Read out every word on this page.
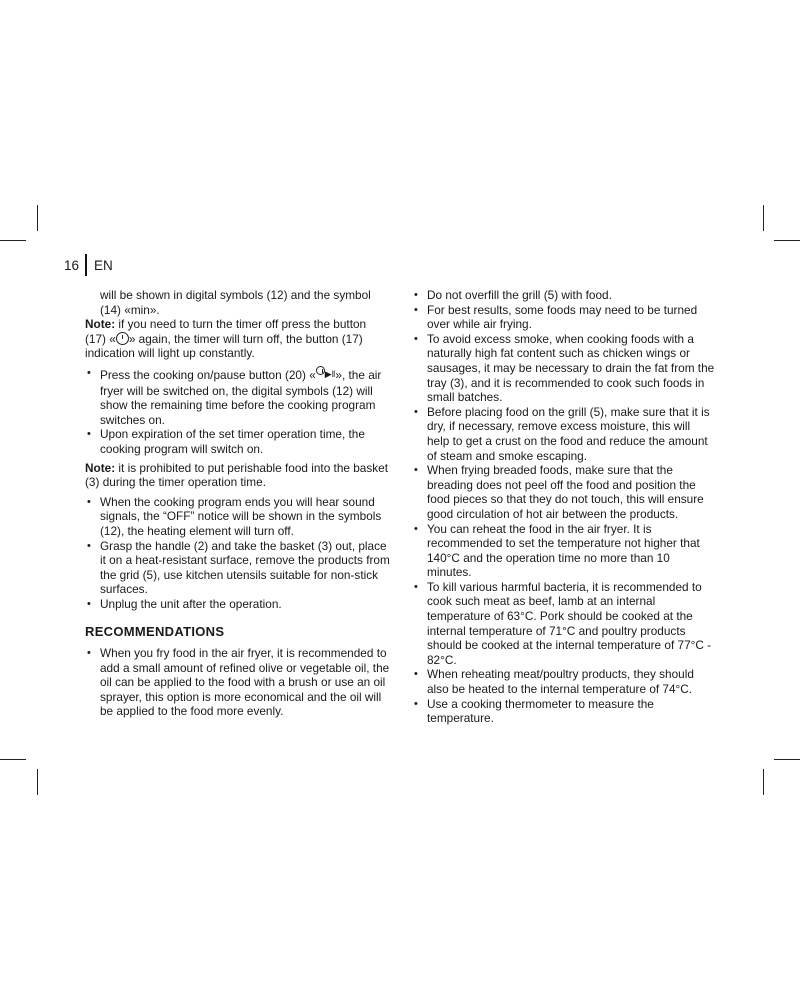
16 EN

will be shown in digital symbols (12) and the symbol (14) «min».

Note: if you need to turn the timer off press the button (17) « » again, the timer will turn off, the button (17) indication will light up constantly.

• Press the cooking on/pause button (20) « ▶‖», the air fryer will be switched on, the digital symbols (12) will show the remaining time before the cooking program switches on.
• Upon expiration of the set timer operation time, the cooking program will switch on.

Note: it is prohibited to put perishable food into the basket (3) during the timer operation time.

• When the cooking program ends you will hear sound signals, the “OFF” notice will be shown in the symbols (12), the heating element will turn off.
• Grasp the handle (2) and take the basket (3) out, place it on a heat-resistant surface, remove the products from the grid (5), use kitchen utensils suitable for non-stick surfaces.
• Unplug the unit after the operation.
RECOMMENDATIONS
• When you fry food in the air fryer, it is recommended to add a small amount of refined olive or vegetable oil, the oil can be applied to the food with a brush or use an oil sprayer, this option is more economical and the oil will be applied to the food more evenly.
• Do not overfill the grill (5) with food.
• For best results, some foods may need to be turned over while air frying.
• To avoid excess smoke, when cooking foods with a naturally high fat content such as chicken wings or sausages, it may be necessary to drain the fat from the tray (3), and it is recommended to cook such foods in small batches.
• Before placing food on the grill (5), make sure that it is dry, if necessary, remove excess moisture, this will help to get a crust on the food and reduce the amount of steam and smoke escaping.
• When frying breaded foods, make sure that the breading does not peel off the food and position the food pieces so that they do not touch, this will ensure good circulation of hot air between the products.
• You can reheat the food in the air fryer. It is recommended to set the temperature not higher that 140°C and the operation time no more than 10 minutes.
• To kill various harmful bacteria, it is recommended to cook such meat as beef, lamb at an internal temperature of 63°C. Pork should be cooked at the internal temperature of 71°C and poultry products should be cooked at the internal temperature of 77°C - 82°C.
• When reheating meat/poultry products, they should also be heated to the internal temperature of 74°C.
• Use a cooking thermometer to measure the temperature.
